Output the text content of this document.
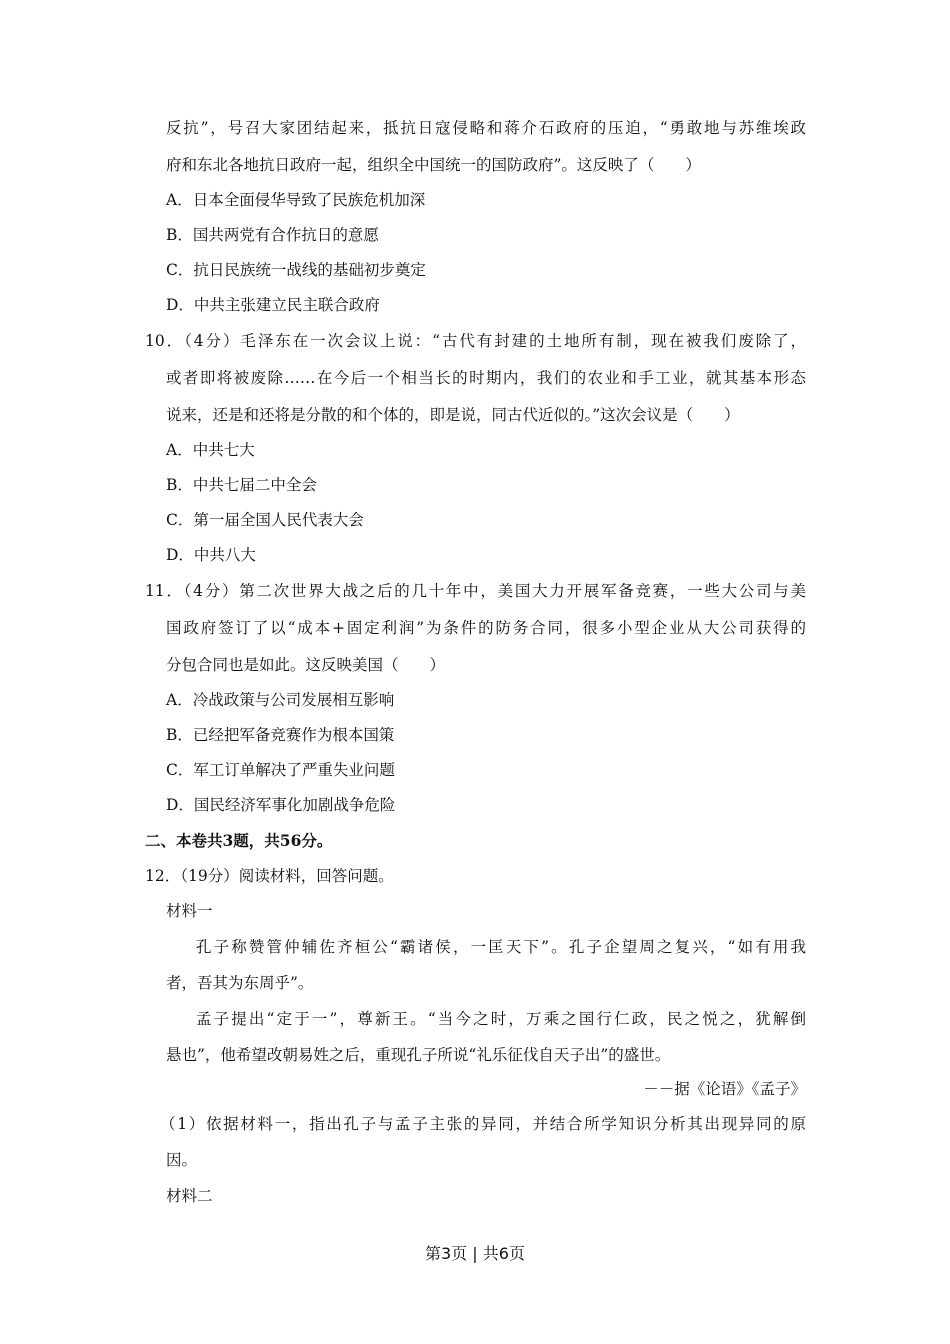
反抗”，号召大家团结起来，抵抗日寇侵略和蒋介石政府的压迫，“勇敢地与苏维埃政
府和东北各地抗日政府一起，组织全中国统一的国防政府”。这反映了（　　）
A．日本全面侵华导致了民族危机加深
B．国共两党有合作抗日的意愿
C．抗日民族统一战线的基础初步奠定
D．中共主张建立民主联合政府
10．（4分）毛泽东在一次会议上说：“古代有封建的土地所有制，现在被我们废除了，
或者即将被废除……在今后一个相当长的时期内，我们的农业和手工业，就其基本形态
说来，还是和还将是分散的和个体的，即是说，同古代近似的。”这次会议是（　　）
A．中共七大
B．中共七届二中全会
C．第一届全国人民代表大会
D．中共八大
11．（4分）第二次世界大战之后的几十年中，美国大力开展军备竞赛，一些大公司与美
国政府签订了以“成本+固定利润”为条件的防务合同，很多小型企业从大公司获得的
分包合同也是如此。这反映美国（　　）
A．冷战政策与公司发展相互影响
B．已经把军备竞赛作为根本国策
C．军工订单解决了严重失业问题
D．国民经济军事化加剧战争危险
二、本卷共3题，共56分。
12．（19分）阅读材料，回答问题。
材料一
孔子称赞管仲辅佐齐桓公“霸诸侯，一匡天下”。孔子企望周之复兴，“如有用我
者，吾其为东周乎”。
孟子提出“定于一”，尊新王。“当今之时，万乘之国行仁政，民之悦之，犹解倒
悬也”，他希望改朝易姓之后，重现孔子所说“礼乐征伐自天子出”的盛世。
－－据《论语》《孟子》
（1）依据材料一，指出孔子与孟子主张的异同，并结合所学知识分析其出现异同的原
因。
材料二
第3页 | 共6页
